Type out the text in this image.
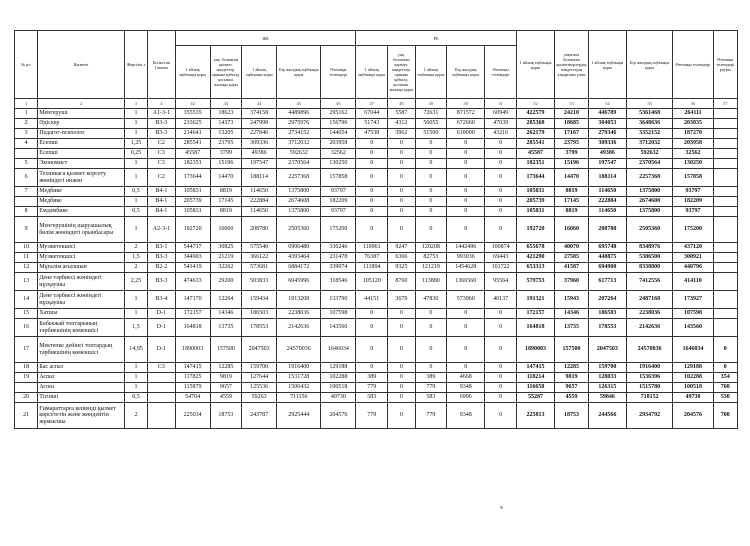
№ р/с	Қызметі	Жергілік т	Біліктілік Санаты	ЖК					РБ					1 айлық еңбекақы қоры	уақытша болмаған қызметкерлердің міндеттерін атқарғаны үшін	1 айлық еңбекақы қоры	Бір жылдық еңбекақы қоры	Өтемақы төлемдері	Өтемақы төлемдері рауры
				1 айлық еңбекақы қоры	уақ. болмаған қызмет. міндеттер. орнына қабылд. қосымш. жалақы қоры	1 айлық еңбекақы қоры	Бір жылдық еңбекақы қоры	Өтемақы төлемдері	1 айлық еңбекақы қоры	уақ. болмаған қызмет. міндеттер. орнына қабылд. қосымш. жалақы қоры	1 айлық еңбекақы қоры	Бір жылдық еңбекақы қоры	Өтемақы төлемдері						
1	2	3	4	42	43	44	45	46	47	48	49	50	51	52	53	54	55	56	57
1	Менгеруші	1	А1-3-1	355535	18623	374158	4489896	295162	67044	5587	72631	871572	60949	422579	24210	446789	5361468	264111	
2	Әдіскер	1	В3-3	233625	14373	247998	2975976	156796	51743	4312	56055	672660	47039	285368	18685	304053	3648636	203835	
3	Педагог-психолог	1	В3-3	214641	13205	227846	2734152	144054	47538	3962	51500	618000	43216	262179	17167	279346	3352152	187270	
4	Есепші	1,25	С2	285541	23795	309336	3712032	203958	0	0	0	0	0	285541	23795	309336	3712032	203958	
	Есепші	0,25	С3	45587	3799	49386	592632	32562	0	0	0	0	0	45587	3799	49386	592632	32562	
5	Экономист	1	С3	182351	15196	197547	2370564	130250	0	0	0	0	0	182351	15196	197547	2370564	130250	
6	Техникага қызмет корсету жөніндегі инжен	1	С2	173644	14470	188114	2257368	157858	0	0	0	0	0	173644	14470	188114	2257368	157858	
7	Медбике	0,5	В4-1	105831	8819	114650	1375800	93797	0	0	0	0	0	105831	8819	114650	1375800	93797	
	Медбике	1	В4-1	205739	17145	222884	2674608	182209	0	0	0	0	0	205739	17145	222884	2674608	182209	
8	Емдәмбике	0,5	В4-1	105831	8819	114650	1375800	93797	0	0	0	0	0	105831	8819	114650	1375800	93797	
9	Менгерушінің шаруашылық бөлім жөніндегі орынбасары	1	А2-3-1	192720	16060	208780	2505360	175200	0	0	0	0	0	192720	16060	208780	2505360	175200	
10	Музжетекшісі	2	В3-1	544717	30825	575540	6906480	336246	110961	9247	120208	1442496	100874	655678	40070	695748	8348976	437120	
11	Музжетекшісі	1,5	В3-3	344903	21219	366122	4393464	231478	76387	6366	82753	993036	69443	421290	27585	448875	5386500	300921	
12	Мұғалім ағылшын	2	В2-2	541419	32262	573681	6884172	339074	111894	9325	121219	1454628	101722	653313	41587	694900	8338800	440796	
13	Дене тәрбиесі жөніндегі нұсқаушы	2,25	В3-3	474633	29200	503833	6045996	318546	105120	8760	113880	1366560	95564	579753	37960	617713	7412556	414110	
14	Дене тәрбиесі жөніндегі нұсқаушы	1	В3-4	147170	12264	159434	1913208	133790	44151	3679	47830	573960	40137	191321	15943	207264	2487168	173927	
15	Хатшы	1	D-1	172157	14346	186503	2238036	107598	0	0	0	0	0	172157	14346	186503	2238036	107598	
16	Бөбекжай топтарының тәрбиешінің көмекшісі	1,5	D-1	164818	13735	178553	2142636	143560	0	0	0	0	0	164818	13735	178553	2142636	143560	
17	Мектепке дейінгі топтардың тәрбиешінің көмекшісі	14,95	D-1	1890003	157500	2047503	24570036	1646034	0	0	0	0	0	1890003	157500	2047503	24570036	1646034	0
18	Бас аспаз	1	С3	147415	12285	159700	1916400	129188	0	0	0	0	0	147415	12285	159700	1916400	129188	0
19	Аспаз	1		117825	9819	127644	1531728	102288	389	0	389	4668	0	118214	9819	128033	1536396	102288	354
	Аспаз	1		115879	9657	125536	1506432	100518	779	0	779	9348	0	116658	9657	126315	1515780	100518	708
20	Тігінші	0,5		54704	4559	59263	711156	49730	583	0	583	6996	0	55287	4559	59846	718152	49730	530
21	Ғимараттарға кешенді қызмет көрсететін және жөндейтін жұмысшы	2		225034	18753	243787	2925444	204576	779	0	779	9348	0	225813	18753	244566	2934792	204576	708
